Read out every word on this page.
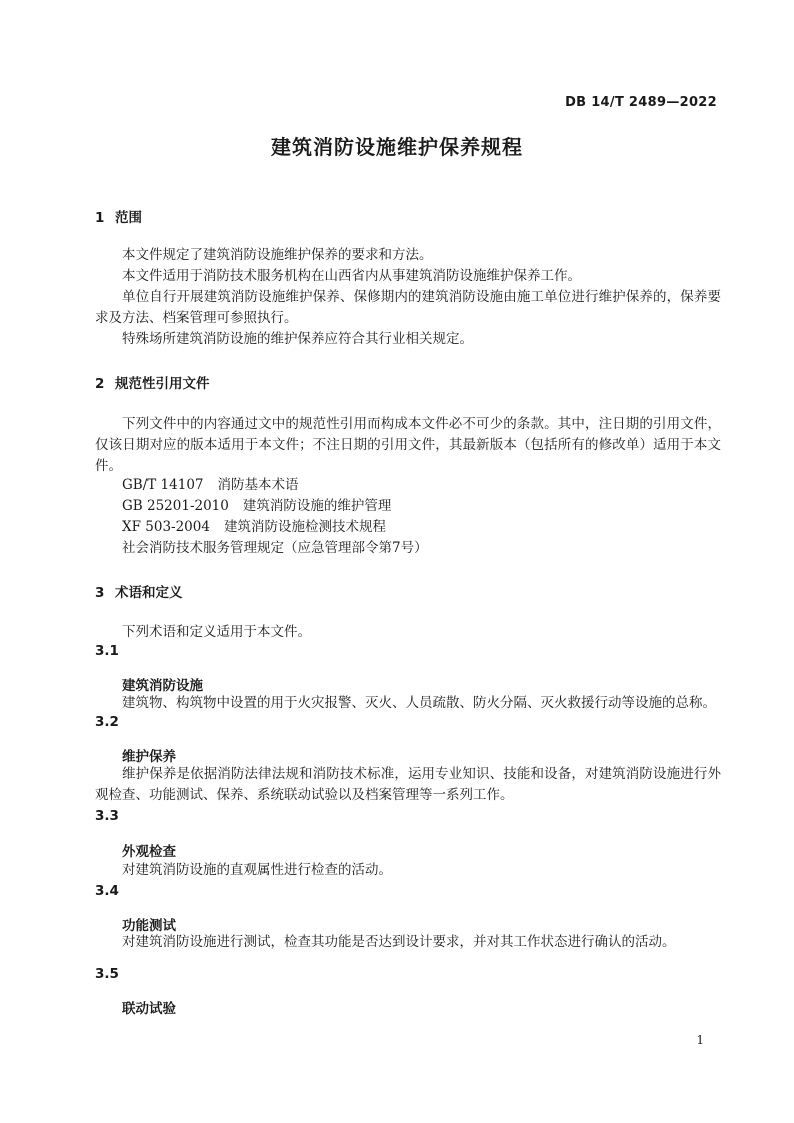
DB 14/T 2489—2022
建筑消防设施维护保养规程
1 范围
本文件规定了建筑消防设施维护保养的要求和方法。
本文件适用于消防技术服务机构在山西省内从事建筑消防设施维护保养工作。
单位自行开展建筑消防设施维护保养、保修期内的建筑消防设施由施工单位进行维护保养的，保养要求及方法、档案管理可参照执行。
特殊场所建筑消防设施的维护保养应符合其行业相关规定。
2 规范性引用文件
下列文件中的内容通过文中的规范性引用而构成本文件必不可少的条款。其中，注日期的引用文件，仅该日期对应的版本适用于本文件；不注日期的引用文件，其最新版本（包括所有的修改单）适用于本文件。
GB/T 14107 消防基本术语
GB 25201-2010 建筑消防设施的维护管理
XF 503-2004 建筑消防设施检测技术规程
社会消防技术服务管理规定（应急管理部令第7号）
3 术语和定义
下列术语和定义适用于本文件。
3.1
建筑消防设施
建筑物、构筑物中设置的用于火灾报警、灭火、人员疏散、防火分隔、灭火救援行动等设施的总称。
3.2
维护保养
维护保养是依据消防法律法规和消防技术标准，运用专业知识、技能和设备，对建筑消防设施进行外观检查、功能测试、保养、系统联动试验以及档案管理等一系列工作。
3.3
外观检查
对建筑消防设施的直观属性进行检查的活动。
3.4
功能测试
对建筑消防设施进行测试，检查其功能是否达到设计要求，并对其工作状态进行确认的活动。
3.5
联动试验
1
